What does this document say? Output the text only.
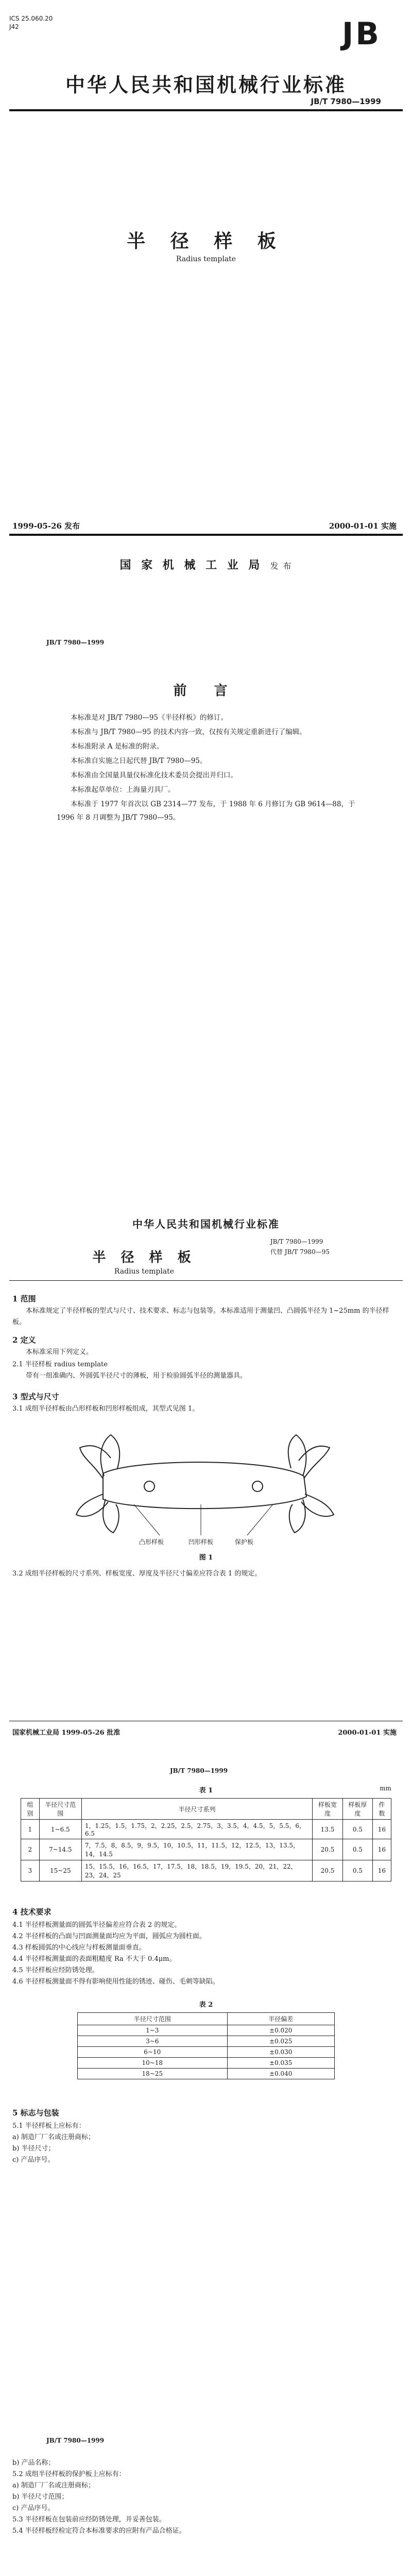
ICS 25.060.20
J42	JB
中华人民共和国机械行业标准
JB/T 7980—1999
半 径 样 板
Radius template
1999-05-26 发布	2000-01-01 实施
国 家 机 械 工 业 局 发 布
JB/T 7980—1999
前 言

本标准是对 JB/T 7980—95《半径样板》的修订。

本标准与 JB/T 7980—95 的技术内容一致，仅按有关规定重新进行了编辑。

本标准附录 A 是标准的附录。

本标准自实施之日起代替 JB/T 7980—95。

本标准由全国量具量仪标准化技术委员会提出并归口。

本标准起草单位：上海量刃具厂。

本标准于 1977 年首次以 GB 2314—77 发布，于 1988 年 6 月修订为 GB 9614—88，于 1996 年 8 月调整为 JB/T 7980—95。

中华人民共和国机械行业标准
JB/T 7980—1999
代替 JB/T 7980—95
半 径 样 板
Radius template
1 范围

本标准规定了半径样板的型式与尺寸、技术要求、标志与包装等。本标准适用于测量凹、凸圆弧半径为 1~25mm 的半径样板。

2 定义

本标准采用下列定义。

2.1 半径样板 radius template

带有一组准确内、外圆弧半径尺寸的薄板，用于检验圆弧半径的测量器具。

3 型式与尺寸
3.1 成组半径样板由凸形样板和凹形样板组成，其型式见图 1。
凸形样板	凹形样板	保护板
图 1
3.2 成组半径样板的尺寸系列、样板宽度、厚度及半径尺寸偏差应符合表 1 的规定。
国家机械工业局 1999-05-26 批准	2000-01-01 实施
JB/T 7980—1999
表 1	mm
组别	半径尺寸范围	半径尺寸系列	样板宽度	样板厚度	件数
1	1~6.5	1，1.25，1.5，1.75，2，2.25，2.5，2.75，3，3.5，4，4.5，5，5.5，6，6.5	13.5	0.5	16
2	7~14.5	7，7.5，8，8.5，9，9.5，10，10.5，11，11.5，12，12.5，13，13.5，14，14.5	20.5	0.5	16
3	15~25	15，15.5，16，16.5，17，17.5，18，18.5，19，19.5，20，21，22，23，24，25	20.5	0.5	16
4 技术要求
4.1 半径样板测量面的圆弧半径偏差应符合表 2 的规定。
4.2 半径样板的凸面与凹面测量面均应为平面，圆弧应为圆柱面。
4.3 样板圆弧的中心线应与样板测量面垂直。
4.4 半径样板测量面的表面粗糙度 Ra 不大于 0.4μm。
4.5 半径样板应经防锈处理。
4.6 半径样板测量面不得有影响使用性能的锈迹、碰伤、毛刺等缺陷。
表 2
半径尺寸范围	半径偏差
1~3	±0.020
3~6	±0.025
6~10	±0.030
10~18	±0.035
18~25	±0.040
5 标志与包装
5.1 半径样板上应标有：
a) 制造厂厂名或注册商标；
b) 半径尺寸；
c) 产品序号。
JB/T 7980—1999
b) 产品名称；
5.2 成组半径样板的保护板上应标有：
a) 制造厂厂名或注册商标；
b) 半径尺寸范围；
c) 产品序号。
5.3 半径样板在包装前应经防锈处理，并妥善包装。
5.4 半径样板经检定符合本标准要求的应附有产品合格证。
